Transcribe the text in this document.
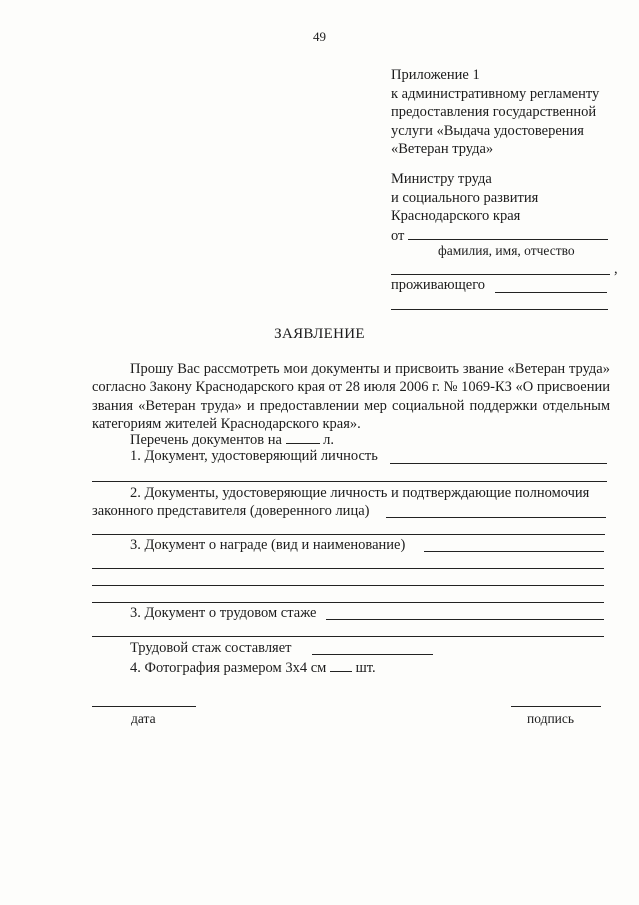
49
Приложение 1
к административному регламенту
предоставления государственной
услуги «Выдача удостоверения
«Ветеран труда»
Министру труда
и социального развития
Краснодарского края
от
фамилия, имя, отчество
,
проживающего
ЗАЯВЛЕНИЕ
Прошу Вас рассмотреть мои документы и присвоить звание «Ветеран труда» согласно Закону Краснодарского края от 28 июля 2006 г. № 1069-КЗ «О присвоении звания «Ветеран труда» и предоставлении мер социальной поддержки отдельным категориям жителей Краснодарского края».
Перечень документов на	л.
1. Документ, удостоверяющий личность
2. Документы, удостоверяющие личность и подтверждающие полномочия
законного представителя (доверенного лица)
3. Документ о награде (вид и наименование)
3. Документ о трудовом стаже
Трудовой стаж составляет
4. Фотография размером 3х4 см шт.
дата	подпись
